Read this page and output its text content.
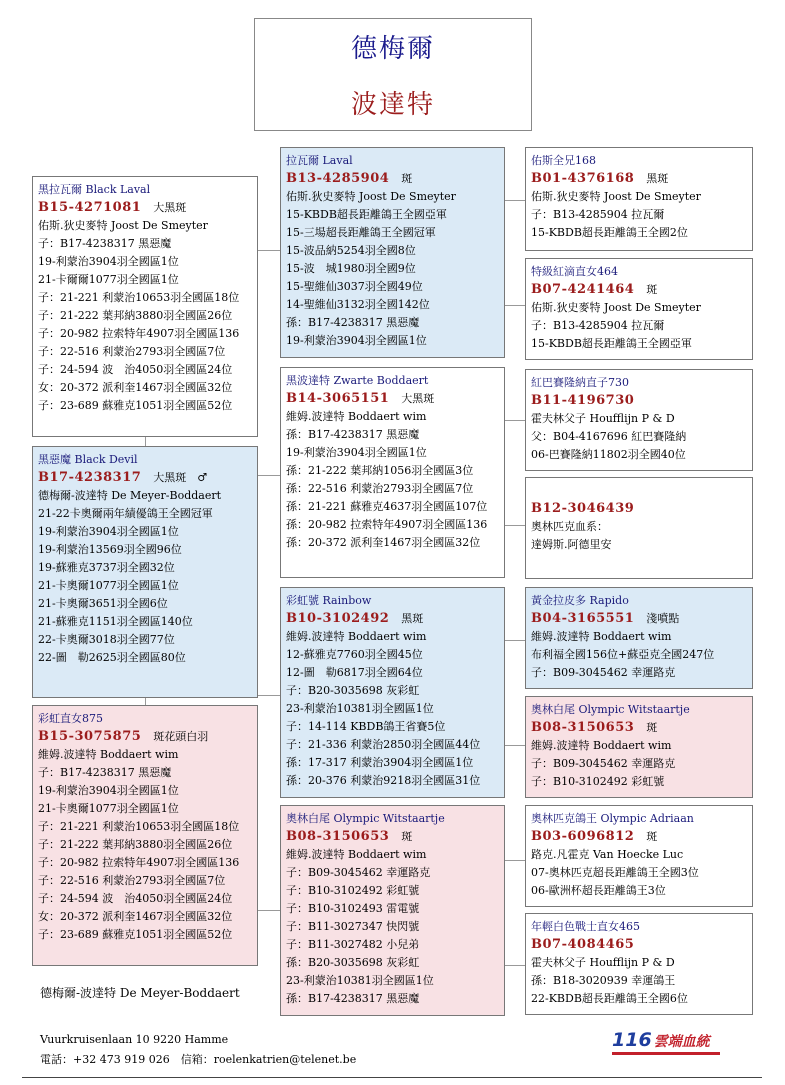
德梅爾
波達特
黑拉瓦爾 Black Laval
B15-4271081 大黑斑
佑斯.狄史麥特 Joost De Smeyter
子：B17-4238317 黑惡魔
19-利蒙治3904羽全國區1位
21-卡爾爾1077羽全國區1位
子：21-221 利蒙治10653羽全國區18位
子：21-222 葉邦納3880羽全國區26位
子：20-982 拉索特年4907羽全國區136
子：22-516 利蒙治2793羽全國區7位
子：24-594 波　治4050羽全國區24位
女：20-372 派利奎1467羽全國區32位
子：23-689 蘇雅克1051羽全國區52位
黑惡魔 Black Devil
B17-4238317 大黑斑　♂
德梅爾-波達特 De Meyer-Boddaert
21-22卡奧爾兩年績優鴿王全國冠軍
19-利蒙治3904羽全國區1位
19-利蒙治13569羽全國96位
19-蘇雅克3737羽全國32位
21-卡奧爾1077羽全國區1位
21-卡奧爾3651羽全國6位
21-蘇雅克1151羽全國區140位
22-卡奧爾3018羽全國77位
22-圖　勒2625羽全國區80位
彩虹直女875
B15-3075875 斑花頭白羽
維姆.波達特 Boddaert wim
子：B17-4238317 黑惡魔
19-利蒙治3904羽全國區1位
21-卡奧爾1077羽全國區1位
子：21-221 利蒙治10653羽全國區18位
子：21-222 葉邦納3880羽全國區26位
子：20-982 拉索特年4907羽全國區136
子：22-516 利蒙治2793羽全國區7位
子：24-594 波　治4050羽全國區24位
女：20-372 派利奎1467羽全國區32位
子：23-689 蘇雅克1051羽全國區52位
拉瓦爾 Laval
B13-4285904 斑
佑斯.狄史麥特 Joost De Smeyter
15-KBDB超長距離鴿王全國亞軍
15-三場超長距離鴿王全國冠軍
15-波品納5254羽全國8位
15-波　城1980羽全國9位
15-聖維仙3037羽全國49位
14-聖維仙3132羽全國142位
孫：B17-4238317 黑惡魔
19-利蒙治3904羽全國區1位
黑波達特 Zwarte Boddaert
B14-3065151 大黑斑
維姆.波達特 Boddaert wim
孫：B17-4238317 黑惡魔
19-利蒙治3904羽全國區1位
孫：21-222 葉邦納1056羽全國區3位
孫：22-516 利蒙治2793羽全國區7位
孫：21-221 蘇雅克4637羽全國區107位
孫：20-982 拉索特年4907羽全國區136
孫：20-372 派利奎1467羽全國區32位
彩虹號 Rainbow
B10-3102492 黑斑
維姆.波達特 Boddaert wim
12-蘇雅克7760羽全國45位
12-圖　勒6817羽全國64位
子：B20-3035698 灰彩虹
23-利蒙治10381羽全國區1位
子：14-114 KBDB鴿王省賽5位
子：21-336 利蒙治2850羽全國區44位
孫：17-317 利蒙治3904羽全國區1位
孫：20-376 利蒙治9218羽全國區31位
奧林白尾 Olympic Witstaartje
B08-3150653 斑
維姆.波達特 Boddaert wim
子：B09-3045462 幸運路克
子：B10-3102492 彩虹號
子：B10-3102493 雷電號
子：B11-3027347 快閃號
子：B11-3027482 小兒弟
孫：B20-3035698 灰彩虹
23-利蒙治10381羽全國區1位
孫：B17-4238317 黑惡魔
佑斯全兄168
B01-4376168 黑斑
佑斯.狄史麥特 Joost De Smeyter
子：B13-4285904 拉瓦爾
15-KBDB超長距離鴿王全國2位
特級紅滴直女464
B07-4241464 斑
佑斯.狄史麥特 Joost De Smeyter
子：B13-4285904 拉瓦爾
15-KBDB超長距離鴿王全國亞軍
紅巴賽隆納直子730
B11-4196730
霍夫林父子 Houfflijn P & D
父：B04-4167696 紅巴賽隆納
06-巴賽隆納11802羽全國40位
B12-3046439
奧林匹克血系：
達姆斯.阿德里安
黃金拉皮多 Rapido
B04-3165551 淺噴點
維姆.波達特 Boddaert wim
布利福全國156位+蘇亞克全國247位
子：B09-3045462 幸運路克
奧林白尾 Olympic Witstaartje
B08-3150653 斑
維姆.波達特 Boddaert wim
子：B09-3045462 幸運路克
子：B10-3102492 彩虹號
奧林匹克鴿王 Olympic Adriaan
B03-6096812 斑
路克.凡霍克 Van Hoecke Luc
07-奧林匹克超長距離鴿王全國3位
06-歐洲杯超長距離鴿王3位
年輕白色戰士直女465
B07-4084465
霍夫林父子 Houfflijn P & D
孫：B18-3020939 幸運鴿王
22-KBDB超長距離鴿王全國6位
德梅爾-波達特 De Meyer-Boddaert
Vuurkruisenlaan 10 9220 Hamme
電話：+32 473 919 026　信箱：roelenkatrien@telenet.be
116 雲端血統
